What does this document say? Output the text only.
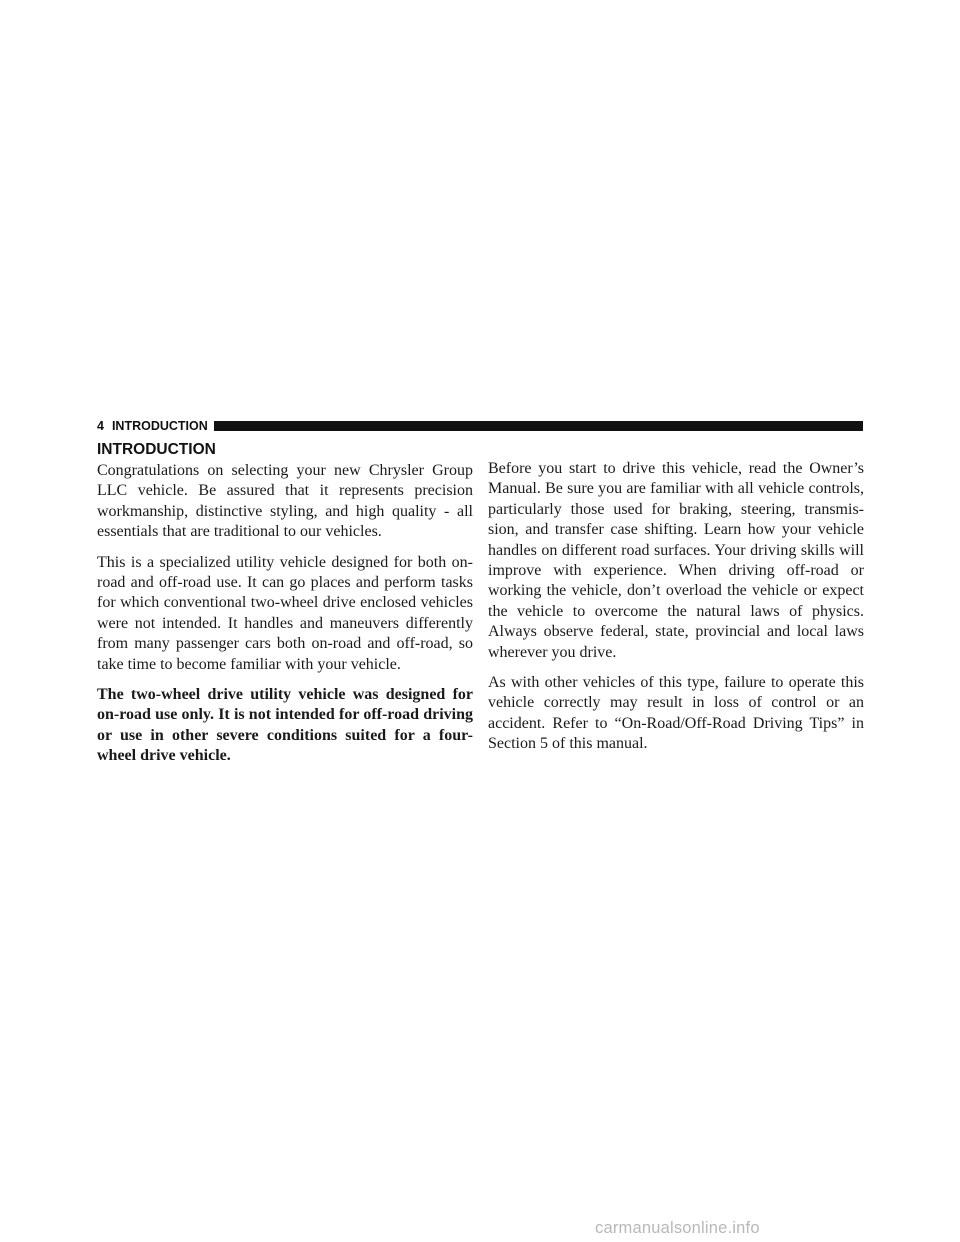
4 INTRODUCTION
INTRODUCTION

Congratulations on selecting your new Chrysler Group LLC vehicle. Be assured that it represents precision workmanship, distinctive styling, and high quality - all essentials that are traditional to our vehicles.

This is a specialized utility vehicle designed for both on-road and off-road use. It can go places and perform tasks for which conventional two-wheel drive enclosed vehicles were not intended. It handles and maneuvers differently from many passenger cars both on-road and off-road, so take time to become familiar with your vehicle.

The two-wheel drive utility vehicle was designed for on-road use only. It is not intended for off-road driving or use in other severe conditions suited for a four-wheel drive vehicle.

Before you start to drive this vehicle, read the Owner’s Manual. Be sure you are familiar with all vehicle controls, particularly those used for braking, steering, transmis-sion, and transfer case shifting. Learn how your vehicle handles on different road surfaces. Your driving skills will improve with experience. When driving off-road or working the vehicle, don’t overload the vehicle or expect the vehicle to overcome the natural laws of physics. Always observe federal, state, provincial and local laws wherever you drive.

As with other vehicles of this type, failure to operate this vehicle correctly may result in loss of control or an accident. Refer to “On-Road/Off-Road Driving Tips” in Section 5 of this manual.

carmanualsonline.info
